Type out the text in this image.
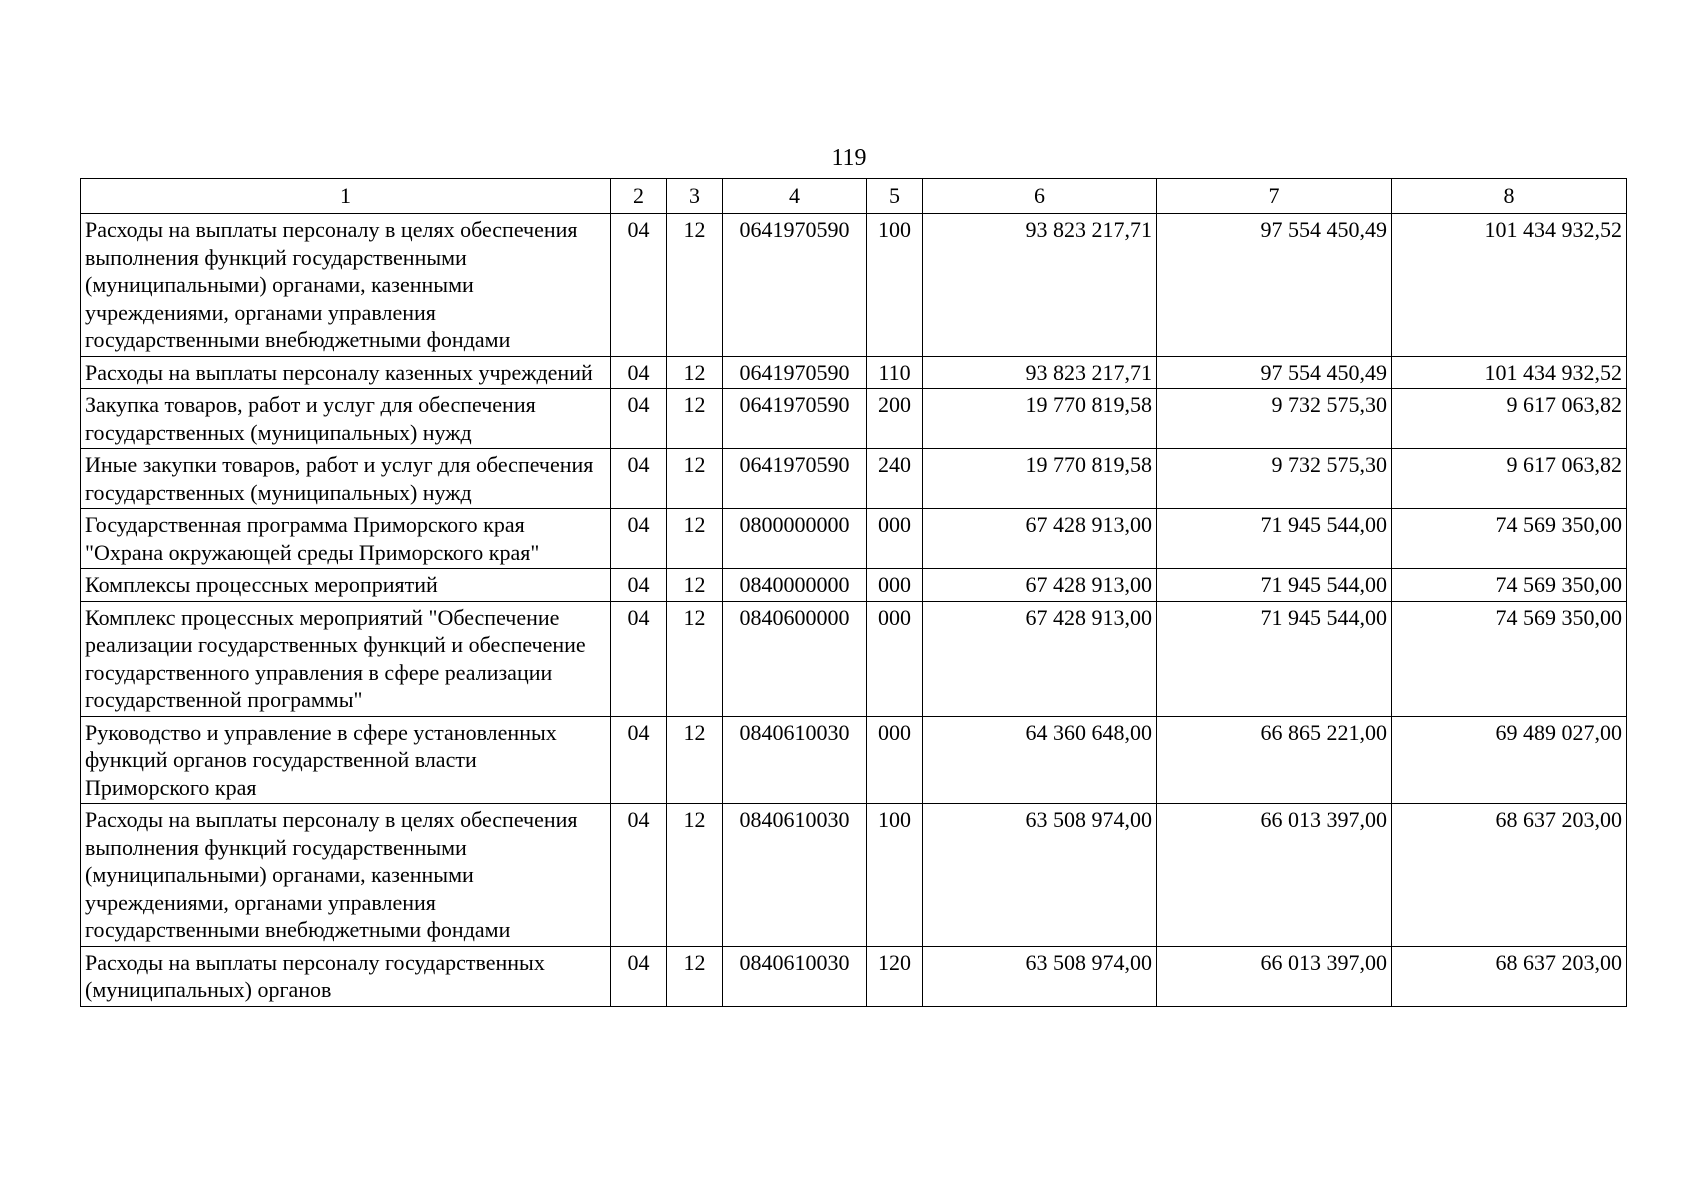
119
1	2	3	4	5	6	7	8
Расходы на выплаты персоналу в целях обеспечения выполнения функций государственными (муниципальными) органами, казенными учреждениями, органами управления государственными внебюджетными фондами	04	12	0641970590	100	93 823 217,71	97 554 450,49	101 434 932,52
Расходы на выплаты персоналу казенных учреждений	04	12	0641970590	110	93 823 217,71	97 554 450,49	101 434 932,52
Закупка товаров, работ и услуг для обеспечения государственных (муниципальных) нужд	04	12	0641970590	200	19 770 819,58	9 732 575,30	9 617 063,82
Иные закупки товаров, работ и услуг для обеспечения государственных (муниципальных) нужд	04	12	0641970590	240	19 770 819,58	9 732 575,30	9 617 063,82
Государственная программа Приморского края "Охрана окружающей среды Приморского края"	04	12	0800000000	000	67 428 913,00	71 945 544,00	74 569 350,00
Комплексы процессных мероприятий	04	12	0840000000	000	67 428 913,00	71 945 544,00	74 569 350,00
Комплекс процессных мероприятий "Обеспечение реализации государственных функций и обеспечение государственного управления в сфере реализации государственной программы"	04	12	0840600000	000	67 428 913,00	71 945 544,00	74 569 350,00
Руководство и управление в сфере установленных функций органов государственной власти Приморского края	04	12	0840610030	000	64 360 648,00	66 865 221,00	69 489 027,00
Расходы на выплаты персоналу в целях обеспечения выполнения функций государственными (муниципальными) органами, казенными учреждениями, органами управления государственными внебюджетными фондами	04	12	0840610030	100	63 508 974,00	66 013 397,00	68 637 203,00
Расходы на выплаты персоналу государственных (муниципальных) органов	04	12	0840610030	120	63 508 974,00	66 013 397,00	68 637 203,00
